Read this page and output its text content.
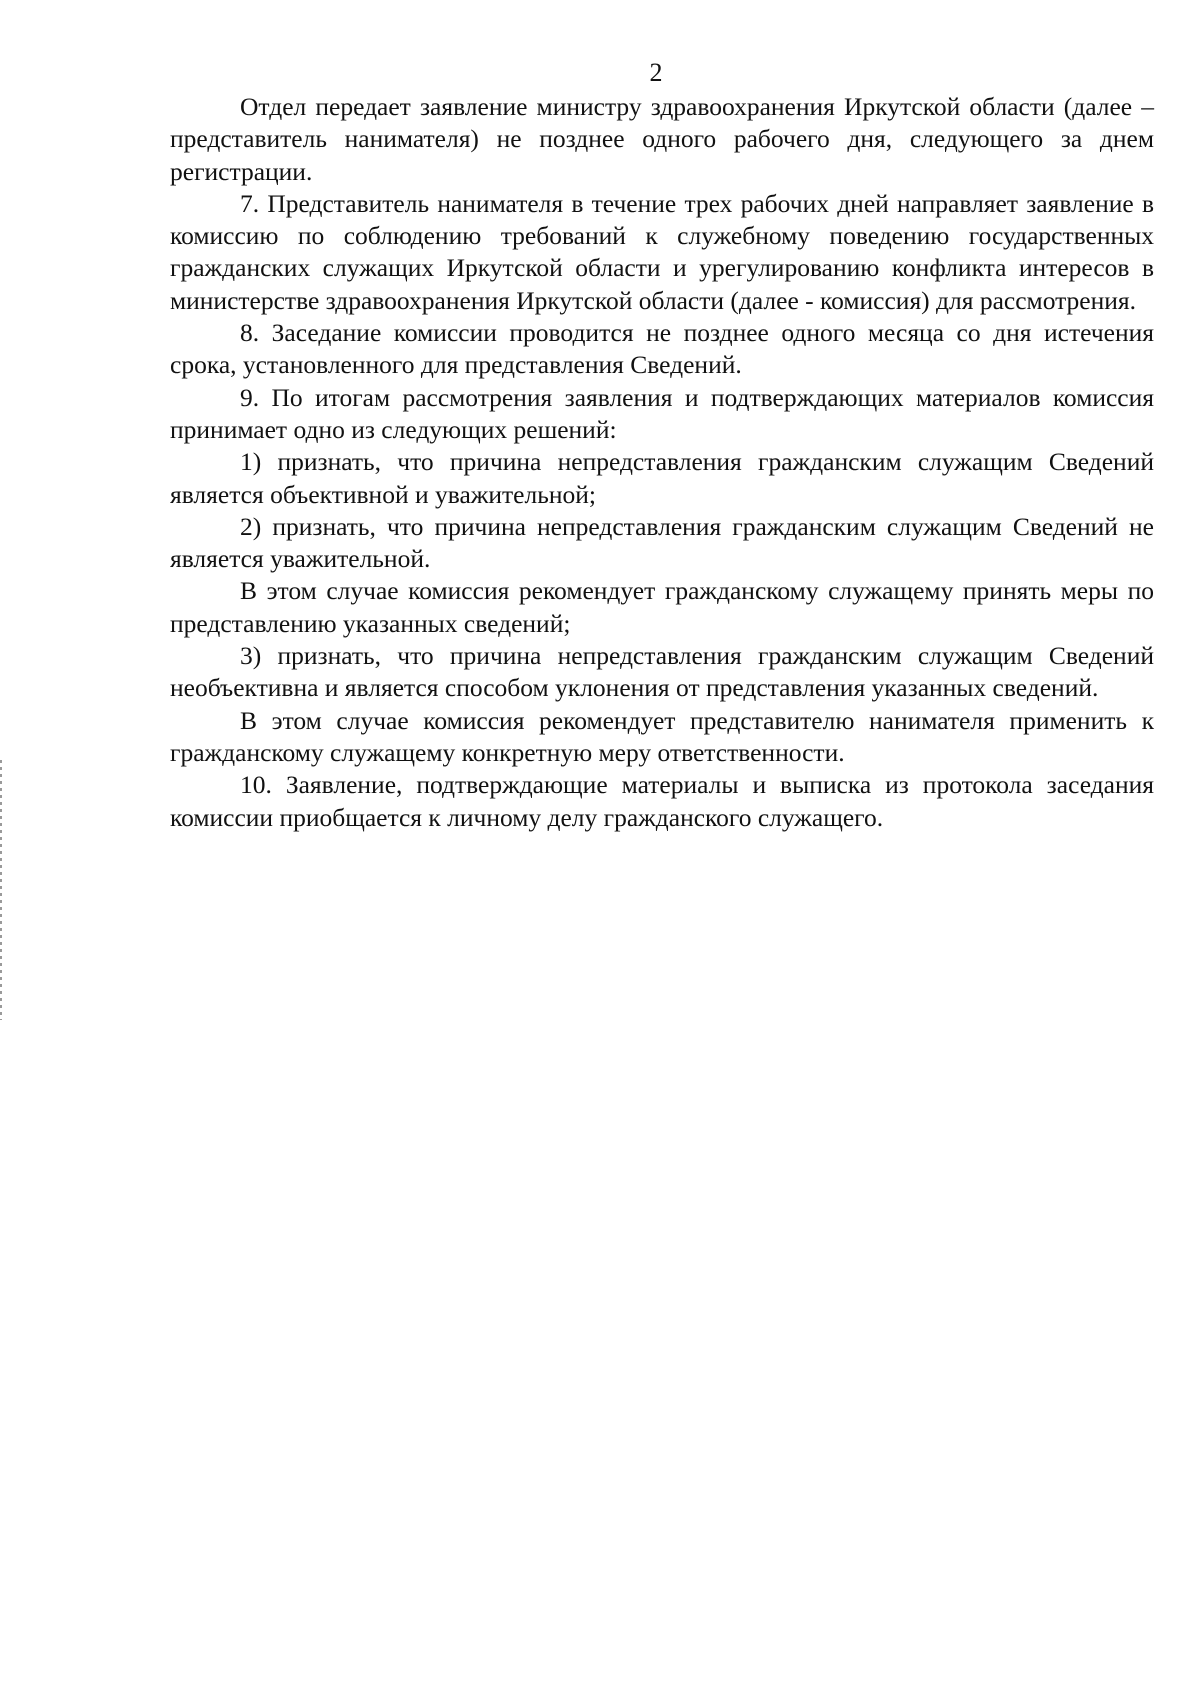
2

Отдел передает заявление министру здравоохранения Иркутской области (далее – представитель нанимателя) не позднее одного рабочего дня, следующего за днем регистрации.

7. Представитель нанимателя в течение трех рабочих дней направляет заявление в комиссию по соблюдению требований к служебному поведению государственных гражданских служащих Иркутской области и урегулированию конфликта интересов в министерстве здравоохранения Иркутской области (далее - комиссия) для рассмотрения.

8. Заседание комиссии проводится не позднее одного месяца со дня истечения срока, установленного для представления Сведений.

9. По итогам рассмотрения заявления и подтверждающих материалов комиссия принимает одно из следующих решений:

1) признать, что причина непредставления гражданским служащим Сведений является объективной и уважительной;

2) признать, что причина непредставления гражданским служащим Сведений не является уважительной.

В этом случае комиссия рекомендует гражданскому служащему принять меры по представлению указанных сведений;

3) признать, что причина непредставления гражданским служащим Сведений необъективна и является способом уклонения от представления указанных сведений.

В этом случае комиссия рекомендует представителю нанимателя применить к гражданскому служащему конкретную меру ответственности.

10. Заявление, подтверждающие материалы и выписка из протокола заседания комиссии приобщается к личному делу гражданского служащего.
